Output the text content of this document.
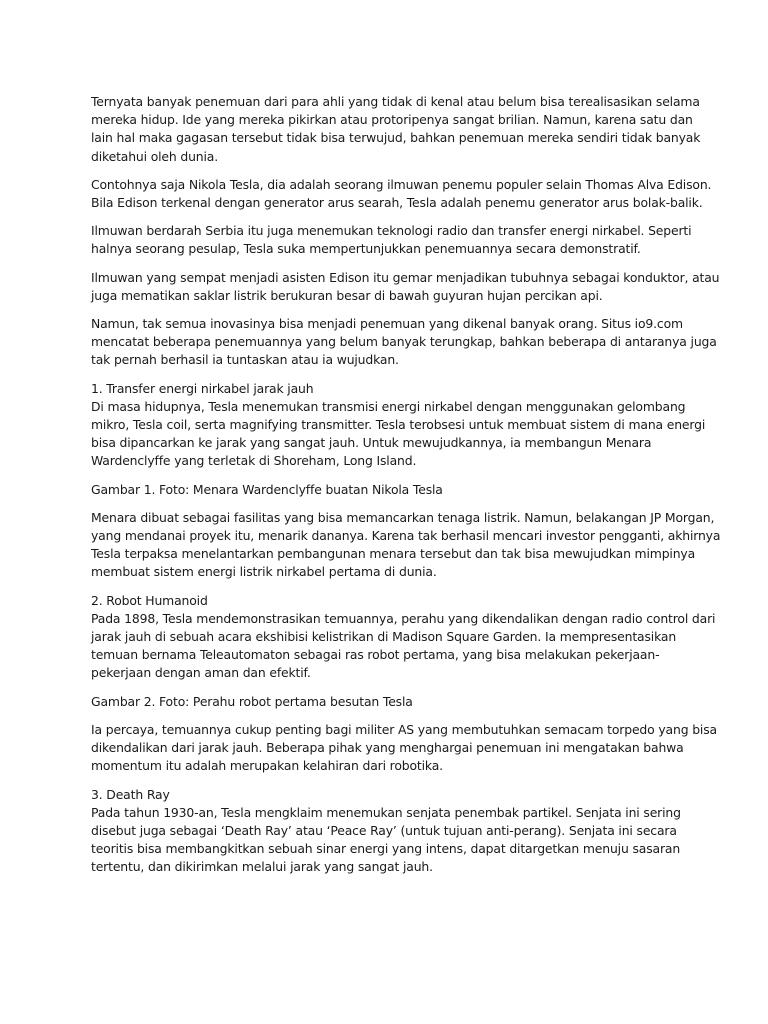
Ternyata banyak penemuan dari para ahli yang tidak di kenal atau belum bisa terealisasikan selama
mereka hidup. Ide yang mereka pikirkan atau protoripenya sangat brilian. Namun, karena satu dan
lain hal maka gagasan tersebut tidak bisa terwujud, bahkan penemuan mereka sendiri tidak banyak
diketahui oleh dunia.

Contohnya saja Nikola Tesla, dia adalah seorang ilmuwan penemu populer selain Thomas Alva Edison.
Bila Edison terkenal dengan generator arus searah, Tesla adalah penemu generator arus bolak-balik.

Ilmuwan berdarah Serbia itu juga menemukan teknologi radio dan transfer energi nirkabel. Seperti
halnya seorang pesulap, Tesla suka mempertunjukkan penemuannya secara demonstratif.

Ilmuwan yang sempat menjadi asisten Edison itu gemar menjadikan tubuhnya sebagai konduktor, atau
juga mematikan saklar listrik berukuran besar di bawah guyuran hujan percikan api.

Namun, tak semua inovasinya bisa menjadi penemuan yang dikenal banyak orang. Situs io9.com
mencatat beberapa penemuannya yang belum banyak terungkap, bahkan beberapa di antaranya juga
tak pernah berhasil ia tuntaskan atau ia wujudkan.

1. Transfer energi nirkabel jarak jauh
Di masa hidupnya, Tesla menemukan transmisi energi nirkabel dengan menggunakan gelombang
mikro, Tesla coil, serta magnifying transmitter. Tesla terobsesi untuk membuat sistem di mana energi
bisa dipancarkan ke jarak yang sangat jauh. Untuk mewujudkannya, ia membangun Menara
Wardenclyffe yang terletak di Shoreham, Long Island.

Gambar 1. Foto: Menara Wardenclyffe buatan Nikola Tesla

Menara dibuat sebagai fasilitas yang bisa memancarkan tenaga listrik. Namun, belakangan JP Morgan,
yang mendanai proyek itu, menarik dananya. Karena tak berhasil mencari investor pengganti, akhirnya
Tesla terpaksa menelantarkan pembangunan menara tersebut dan tak bisa mewujudkan mimpinya
membuat sistem energi listrik nirkabel pertama di dunia.

2. Robot Humanoid
Pada 1898, Tesla mendemonstrasikan temuannya, perahu yang dikendalikan dengan radio control dari
jarak jauh di sebuah acara ekshibisi kelistrikan di Madison Square Garden. Ia mempresentasikan
temuan bernama Teleautomaton sebagai ras robot pertama, yang bisa melakukan pekerjaan-
pekerjaan dengan aman dan efektif.

Gambar 2. Foto: Perahu robot pertama besutan Tesla

Ia percaya, temuannya cukup penting bagi militer AS yang membutuhkan semacam torpedo yang bisa
dikendalikan dari jarak jauh. Beberapa pihak yang menghargai penemuan ini mengatakan bahwa
momentum itu adalah merupakan kelahiran dari robotika.

3. Death Ray
Pada tahun 1930-an, Tesla mengklaim menemukan senjata penembak partikel. Senjata ini sering
disebut juga sebagai ‘Death Ray’ atau ‘Peace Ray’ (untuk tujuan anti-perang). Senjata ini secara
teoritis bisa membangkitkan sebuah sinar energi yang intens, dapat ditargetkan menuju sasaran
tertentu, dan dikirimkan melalui jarak yang sangat jauh.
